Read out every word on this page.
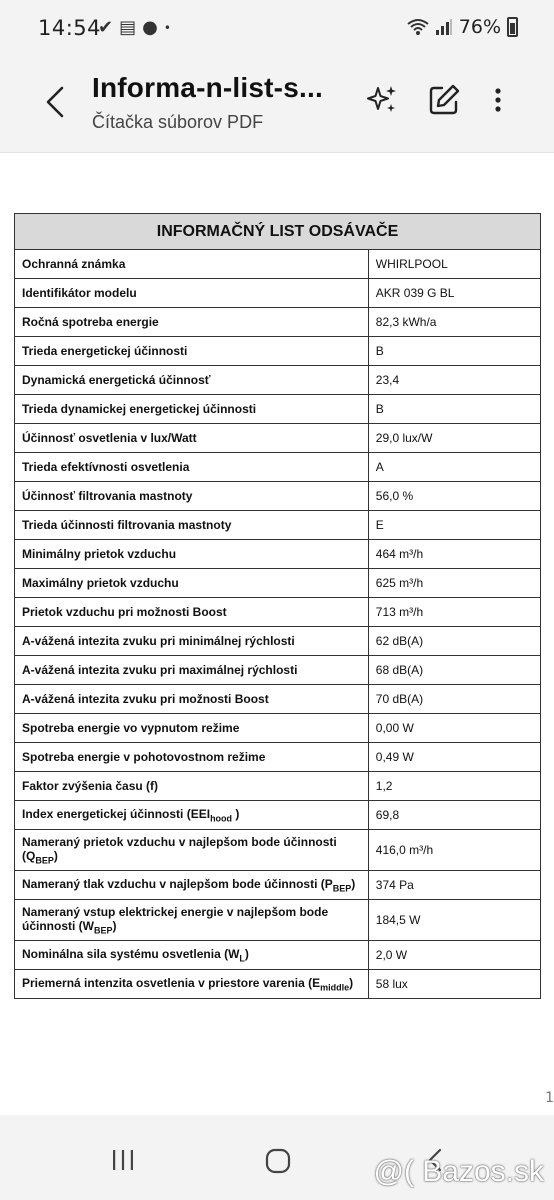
14:54
✔ ▤ ● •	76%
Informa-n-list-s...
Čítačka súborov PDF
INFORMAČNÝ LIST ODSÁVAČE	
Ochranná známka	WHIRLPOOL
Identifikátor modelu	AKR 039 G BL
Ročná spotreba energie	82,3 kWh/a
Trieda energetickej účinnosti	B
Dynamická energetická účinnosť	23,4
Trieda dynamickej energetickej účinnosti	B
Účinnosť osvetlenia v lux/Watt	29,0 lux/W
Trieda efektívnosti osvetlenia	A
Účinnosť filtrovania mastnoty	56,0 %
Trieda účinnosti filtrovania mastnoty	E
Minimálny prietok vzduchu	464 m³/h
Maximálny prietok vzduchu	625 m³/h
Prietok vzduchu pri možnosti Boost	713 m³/h
A-vážená intezita zvuku pri minimálnej rýchlosti	62 dB(A)
A-vážená intezita zvuku pri maximálnej rýchlosti	68 dB(A)
A-vážená intezita zvuku pri možnosti Boost	70 dB(A)
Spotreba energie vo vypnutom režime	0,00 W
Spotreba energie v pohotovostnom režime	0,49 W
Faktor zvýšenia času (f)	1,2
Index energetickej účinnosti ($EEI_{hood}$ )	69,8
Nameraný prietok vzduchu v najlepšom bode účinnosti $(Q_{BEP})$	416,0 m³/h
Nameraný tlak vzduchu v najlepšom bode účinnosti $(P_{BEP})$	374 Pa
Nameraný vstup elektrickej energie v najlepšom bode účinnosti $(W_{BEP})$	184,5 W
Nominálna sila systému osvetlenia $(W_L)$	2,0 W
Priemerná intenzita osvetlenia v priestore varenia $(E_{middle})$	58 lux
1
@( Bazos.sk
